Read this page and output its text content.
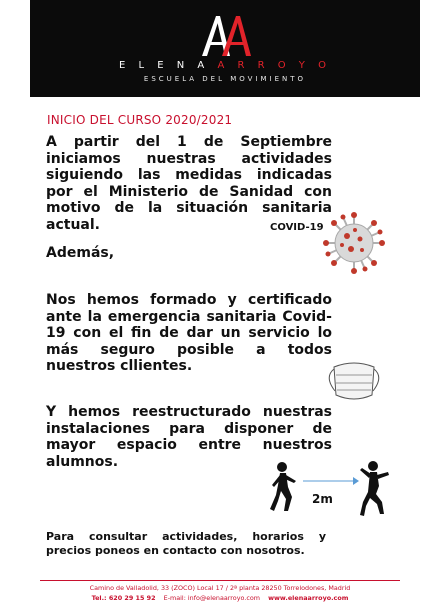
E L E N A A R R O Y O
ESCUELA DEL MOVIMIENTO
INICIO DEL CURSO 2020/2021

A partir del 1 de Septiembre iniciamos nuestras actividades siguiendo las medidas indicadas por el Ministerio de Sanidad con motivo de la situación sanitaria actual.	COVID-19

Además,

Nos hemos formado y certificado ante la emergencia sanitaria Covid-19 con el fin de dar un servicio lo más seguro posible a todos nuestros cllientes.

Y hemos reestructurado nuestras instalaciones para disponer de mayor espacio entre nuestros alumnos.

2m

Para consultar actividades, horarios y precios poneos en contacto con nosotros.

Camino de Valladolid, 33 (ZOCO) Local 17 / 2ª planta 28250 Torrelodones, Madrid
Tel.: 620 29 15 92 E-mail: info@elenaarroyo.com www.elenaarroyo.com
